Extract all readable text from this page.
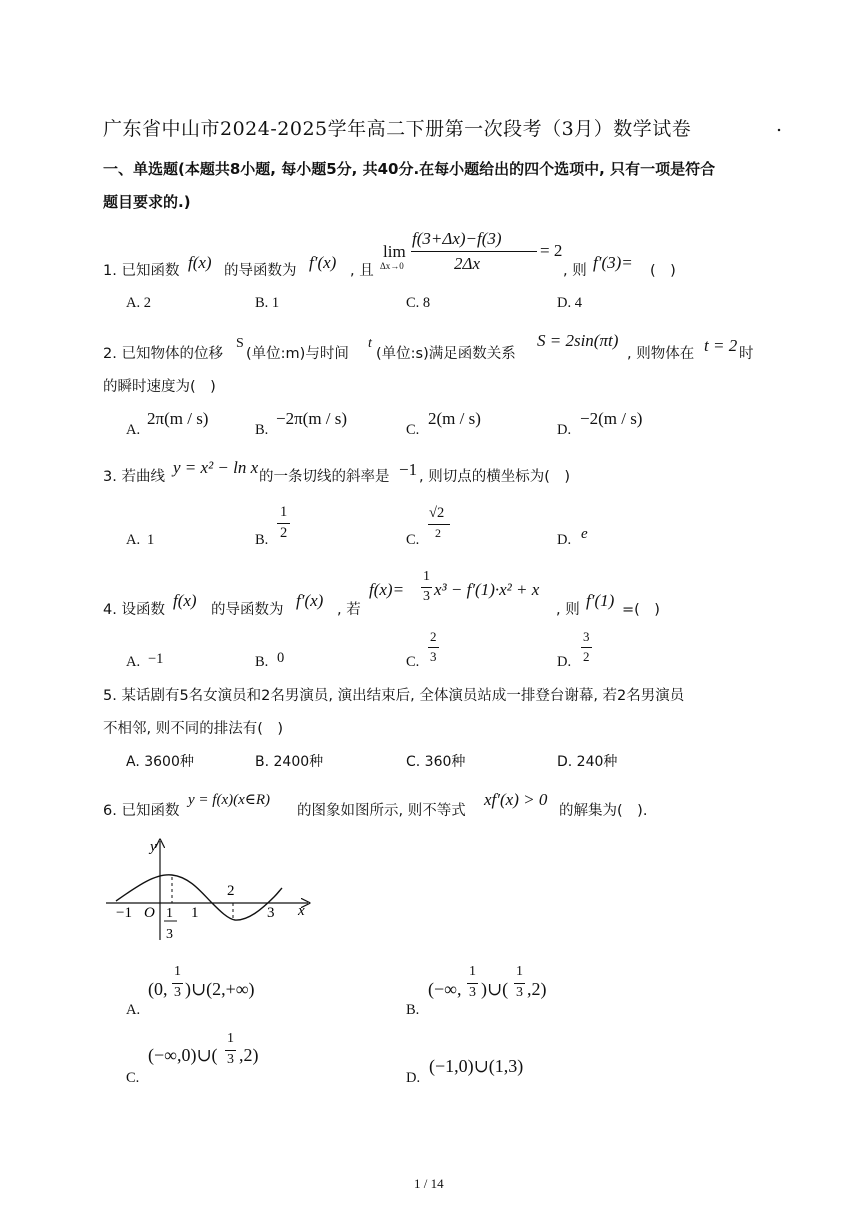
广东省中山市2024-2025学年高二下册第一次段考（3月）数学试卷	.
一、单选题(本题共8小题, 每小题5分, 共40分.在每小题给出的四个选项中, 只有一项是符合
题目要求的.)
1. 已知函数 f(x) 的导函数为 f′(x) , 且
lim
Δx→0
f(3+Δx)−f(3)
2Δx
= 2
, 则 f′(3)= (　)
A. 2	B. 1	C. 8	D. 4
2. 已知物体的位移
S
(单位:m)与时间
t
(单位:s)满足函数关系
S = 2sin(πt)
, 则物体在 t = 2 时
的瞬时速度为(　)
A.
2π(m / s)
B.
−2π(m / s)
C.
2(m / s)
D.
−2(m / s)
3. 若曲线 y = x² − ln x 的一条切线的斜率是 −1 , 则切点的横坐标为(　)
A. 1	B.
1
2	C.
√2
2	D. e
4. 设函数 f(x) 的导函数为 f′(x) , 若
f(x)=
1
3 x³ − f′(1)·x² + x
, 则 f′(1) =(　)
A. −1	B. 0	C.
2
3	D.
3
2
5. 某话剧有5名女演员和2名男演员, 演出结束后, 全体演员站成一排登台谢幕, 若2名男演员
不相邻, 则不同的排法有(　)
A. 3600种	B. 2400种	C. 360种	D. 240种
6. 已知函数
y = f(x)(x∈R)
的图象如图所示, 则不等式
xf′(x) > 0
的解集为(　).
y
x
−1 O 1
3
1
2
3
A.
(0,
1
3 )∪(2,+∞)
B.
(−∞,
1
3 )∪(
1
3 ,2)
C.
(−∞,0)∪(
1
3 ,2)
D.
(−1,0)∪(1,3)
1 / 14
